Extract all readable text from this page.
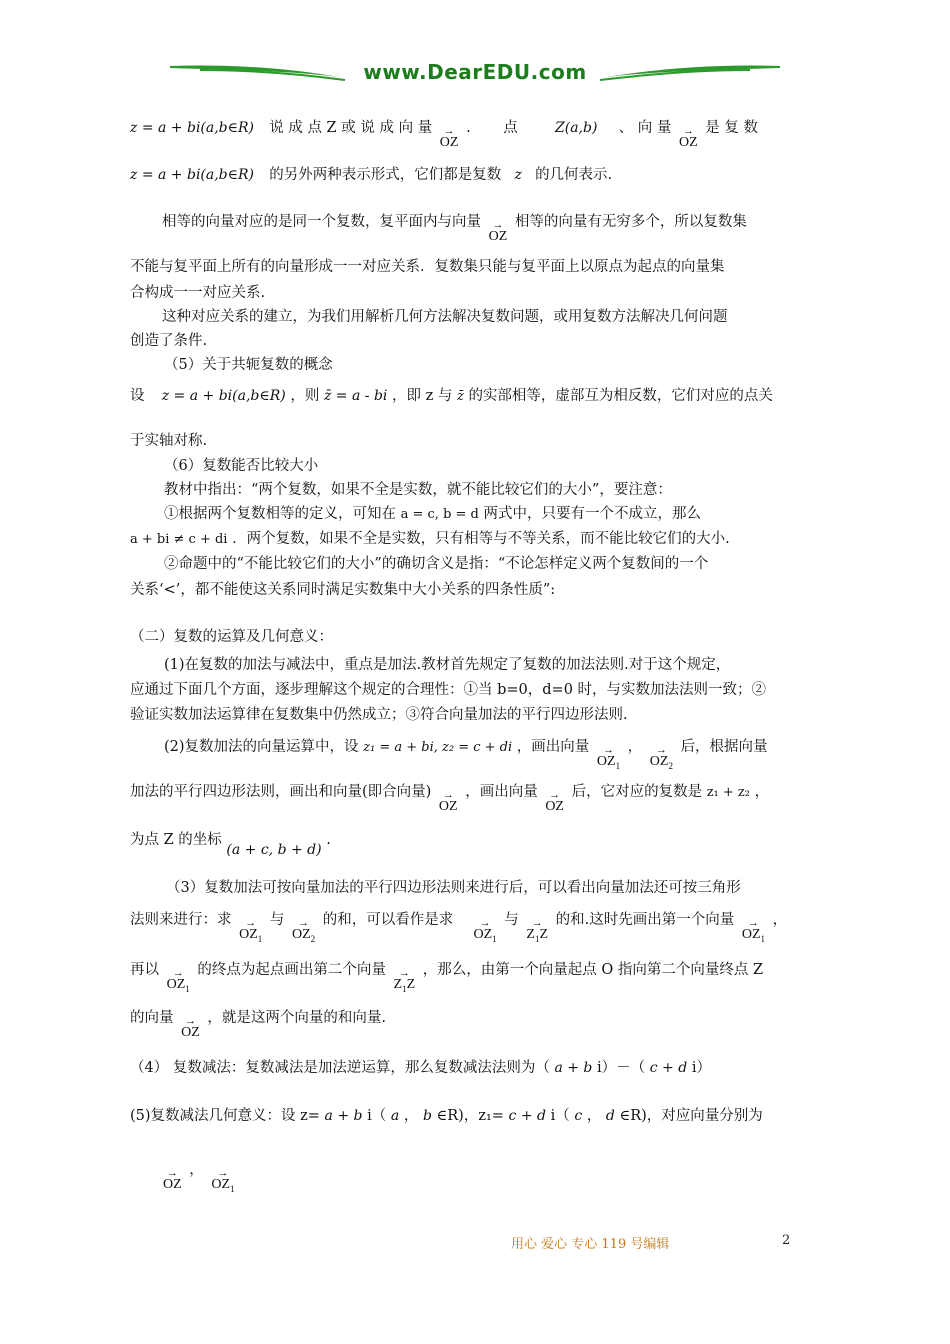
www.DearEDU.com
z = a + bi(a,b∈R) 说 成 点 Z 或 说 成 向 量	→
OZ . 点	Z(a,b) 、 向 量	→
OZ 是 复 数
z = a + bi(a,b∈R) 的另外两种表示形式，它们都是复数 z 的几何表示.
相等的向量对应的是同一个复数，复平面内与向量	→
OZ 相等的向量有无穷多个，所以复数集
不能与复平面上所有的向量形成一一对应关系．复数集只能与复平面上以原点为起点的向量集
合构成一一对应关系.
这种对应关系的建立，为我们用解析几何方法解决复数问题，或用复数方法解决几何问题
创造了条件.
（5）关于共轭复数的概念
设 z = a + bi(a,b∈R) ，则 z̄ = a - bi ，即 z 与 z̄ 的实部相等，虚部互为相反数，它们对应的点关
于实轴对称.
（6）复数能否比较大小
教材中指出：“两个复数，如果不全是实数，就不能比较它们的大小”，要注意：
①根据两个复数相等的定义，可知在 a = c, b = d 两式中，只要有一个不成立，那么
a + bi ≠ c + di ．两个复数，如果不全是实数，只有相等与不等关系，而不能比较它们的大小.
②命题中的“不能比较它们的大小”的确切含义是指：“不论怎样定义两个复数间的一个
关系‘<’，都不能使这关系同时满足实数集中大小关系的四条性质”:
（二）复数的运算及几何意义：
(1)在复数的加法与减法中，重点是加法.教材首先规定了复数的加法法则.对于这个规定，
应通过下面几个方面，逐步理解这个规定的合理性：①当 b=0，d=0 时，与实数加法法则一致；②
验证实数加法运算律在复数集中仍然成立；③符合向量加法的平行四边形法则.
(2)复数加法的向量运算中，设 z₁ = a + bi, z₂ = c + di ，画出向量	→
$OZ_1$ ，	→
$OZ_2$ 后，根据向量
加法的平行四边形法则，画出和向量(即合向量)	→
OZ ，画出向量	→
OZ 后，它对应的复数是 z₁ + z₂ ，
为点 Z 的坐标 (a + c, b + d) .
（3）复数加法可按向量加法的平行四边形法则来进行后，可以看出向量加法还可按三角形
法则来进行：求	→
$OZ_1$ 与	→
$OZ_2$ 的和，可以看作是求	→
$OZ_1$ 与	→
$Z_1Z$ 的和.这时先画出第一个向量	→
$OZ_1$ ，
再以	→
$OZ_1$ 的终点为起点画出第二个向量	→
$Z_1Z$ ，那么，由第一个向量起点 O 指向第二个向量终点 Z
的向量	→
OZ ，就是这两个向量的和向量.
（4） 复数减法：复数减法是加法逆运算，那么复数减法法则为（ a + b i）－（ c + d i）
(5)复数减法几何意义：设 z= a + b i（ a ， b ∈R)，z₁= c + d i（ c ， d ∈R)，对应向量分别为
→
OZ ，	→
$OZ_1$
用心 爱心 专心 119 号编辑	2
